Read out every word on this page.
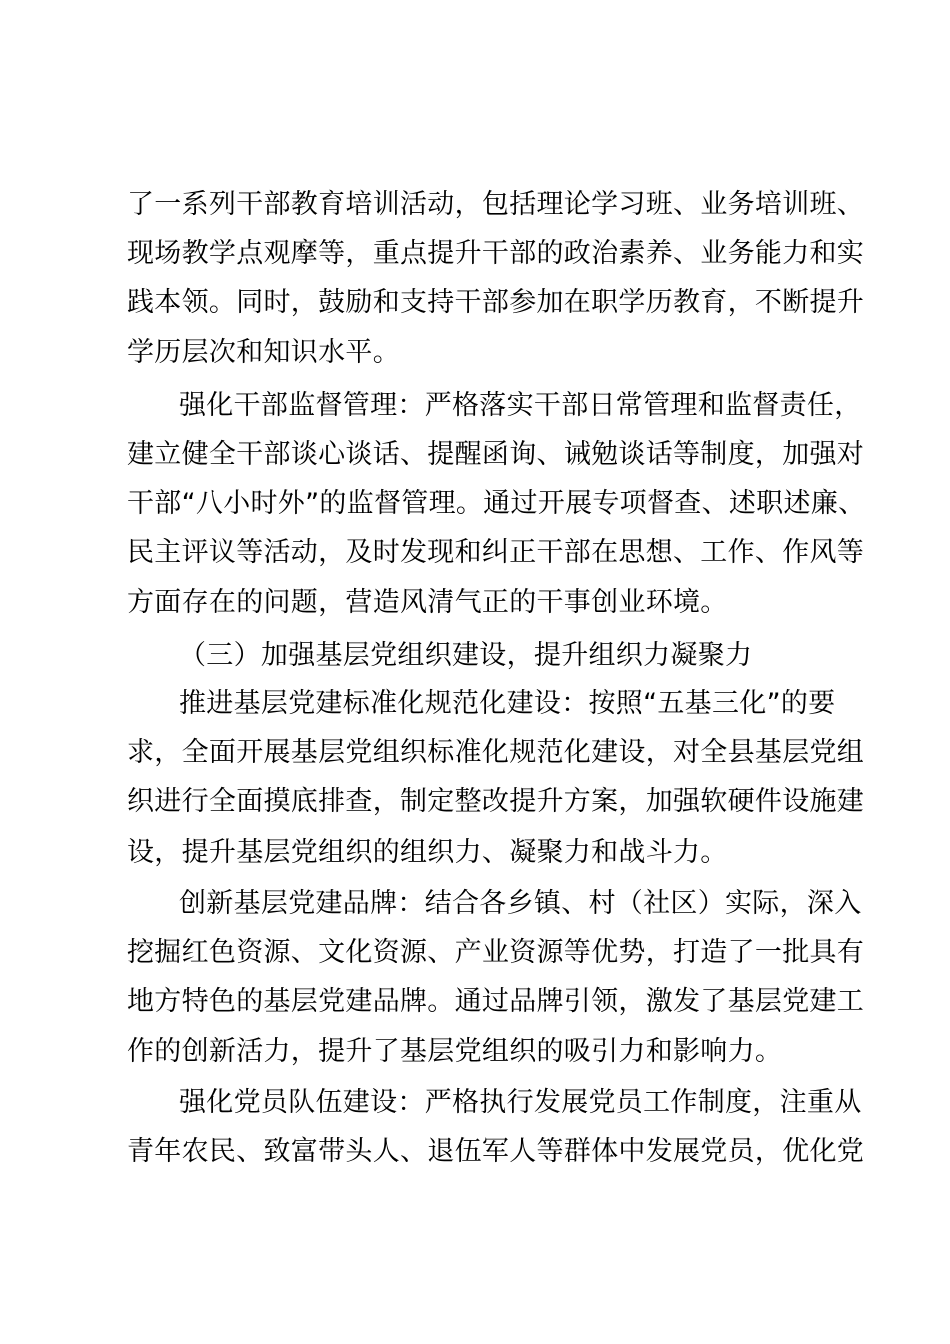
了一系列干部教育培训活动，包括理论学习班、业务培训班、
现场教学点观摩等，重点提升干部的政治素养、业务能力和实
践本领。同时，鼓励和支持干部参加在职学历教育，不断提升
学历层次和知识水平。
强化干部监督管理：严格落实干部日常管理和监督责任，
建立健全干部谈心谈话、提醒函询、诫勉谈话等制度，加强对
干部“八小时外”的监督管理。通过开展专项督查、述职述廉、
民主评议等活动，及时发现和纠正干部在思想、工作、作风等
方面存在的问题，营造风清气正的干事创业环境。
（三）加强基层党组织建设，提升组织力凝聚力
推进基层党建标准化规范化建设：按照“五基三化”的要
求，全面开展基层党组织标准化规范化建设，对全县基层党组
织进行全面摸底排查，制定整改提升方案，加强软硬件设施建
设，提升基层党组织的组织力、凝聚力和战斗力。
创新基层党建品牌：结合各乡镇、村（社区）实际，深入
挖掘红色资源、文化资源、产业资源等优势，打造了一批具有
地方特色的基层党建品牌。通过品牌引领，激发了基层党建工
作的创新活力，提升了基层党组织的吸引力和影响力。
强化党员队伍建设：严格执行发展党员工作制度，注重从
青年农民、致富带头人、退伍军人等群体中发展党员，优化党
